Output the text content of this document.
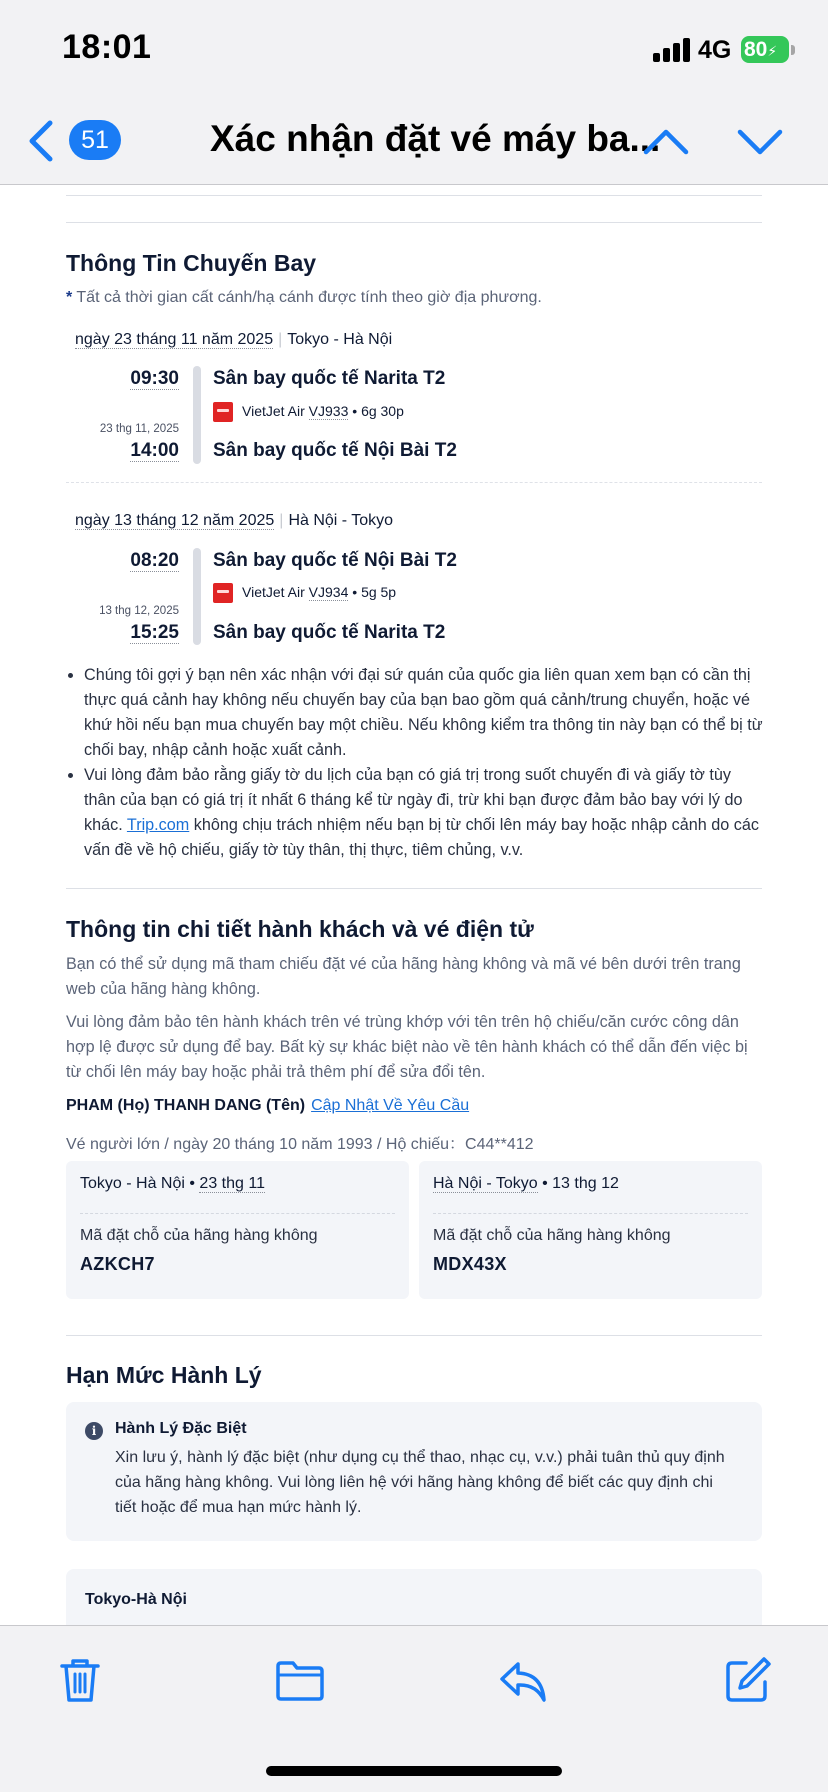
18:01	4G 80⚡
51	Xác nhận đặt vé máy ba...
Thông Tin Chuyến Bay
* Tất cả thời gian cất cánh/hạ cánh được tính theo giờ địa phương.
ngày 23 tháng 11 năm 2025 | Tokyo - Hà Nội
09:30 Sân bay quốc tế Narita T2
VietJet Air VJ933 • 6g 30p
23 thg 11, 2025
14:00 Sân bay quốc tế Nội Bài T2
ngày 13 tháng 12 năm 2025 | Hà Nội - Tokyo
08:20 Sân bay quốc tế Nội Bài T2
VietJet Air VJ934 • 5g 5p
13 thg 12, 2025
15:25 Sân bay quốc tế Narita T2
• Chúng tôi gợi ý bạn nên xác nhận với đại sứ quán của quốc gia liên quan xem bạn có cần thị thực quá cảnh hay không nếu chuyến bay của bạn bao gồm quá cảnh/trung chuyển, hoặc vé khứ hồi nếu bạn mua chuyến bay một chiều. Nếu không kiểm tra thông tin này bạn có thể bị từ chối bay, nhập cảnh hoặc xuất cảnh.
• Vui lòng đảm bảo rằng giấy tờ du lịch của bạn có giá trị trong suốt chuyến đi và giấy tờ tùy thân của bạn có giá trị ít nhất 6 tháng kể từ ngày đi, trừ khi bạn được đảm bảo bay với lý do khác. Trip.com không chịu trách nhiệm nếu bạn bị từ chối lên máy bay hoặc nhập cảnh do các vấn đề về hộ chiếu, giấy tờ tùy thân, thị thực, tiêm chủng, v.v.
Thông tin chi tiết hành khách và vé điện tử
Bạn có thể sử dụng mã tham chiếu đặt vé của hãng hàng không và mã vé bên dưới trên trang web của hãng hàng không.
Vui lòng đảm bảo tên hành khách trên vé trùng khớp với tên trên hộ chiếu/căn cước công dân hợp lệ được sử dụng để bay. Bất kỳ sự khác biệt nào về tên hành khách có thể dẫn đến việc bị từ chối lên máy bay hoặc phải trả thêm phí để sửa đổi tên.
PHAM (Họ) THANH DANG (Tên) Cập Nhật Về Yêu Cầu
Vé người lớn / ngày 20 tháng 10 năm 1993 / Hộ chiếu：C44**412
Tokyo - Hà Nội • 23 thg 11
Mã đặt chỗ của hãng hàng không
AZKCH7
Hà Nội - Tokyo • 13 thg 12
Mã đặt chỗ của hãng hàng không
MDX43X
Hạn Mức Hành Lý
i	Hành Lý Đặc Biệt
Xin lưu ý, hành lý đặc biệt (như dụng cụ thể thao, nhạc cụ, v.v.) phải tuân thủ quy định của hãng hàng không. Vui lòng liên hệ với hãng hàng không để biết các quy định chi tiết hoặc để mua hạn mức hành lý.
Tokyo-Hà Nội
